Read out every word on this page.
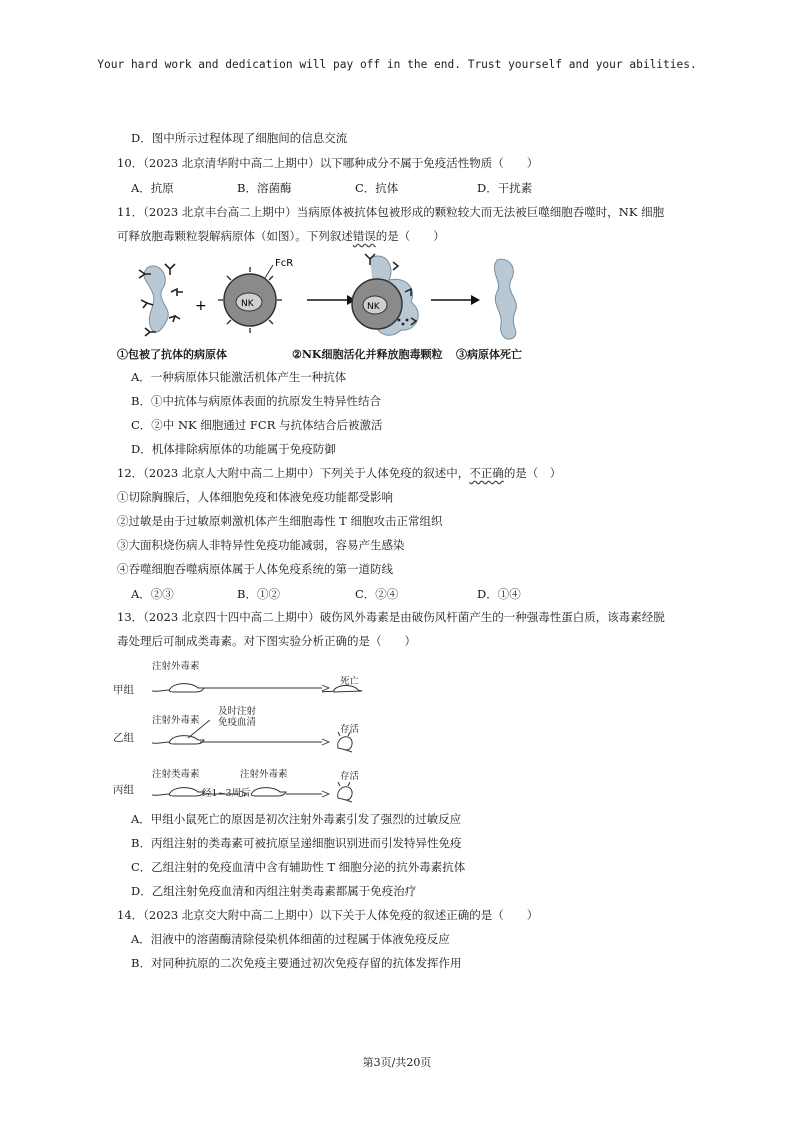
Your hard work and dedication will pay off in the end. Trust yourself and your abilities.
D．图中所示过程体现了细胞间的信息交流
10．（2023 北京清华附中高二上期中）以下哪种成分不属于免疫活性物质（　　）
A．抗原	B．溶菌酶	C．抗体	D．干扰素
11．（2023 北京丰台高二上期中）当病原体被抗体包被形成的颗粒较大而无法被巨噬细胞吞噬时，NK 细胞
可释放胞毒颗粒裂解病原体（如图）。下列叙述错误的是（　　）
+	NK
FcR
NK
①包被了抗体的病原体	②NK细胞活化并释放胞毒颗粒 ③病原体死亡
A．一种病原体只能激活机体产生一种抗体
B．①中抗体与病原体表面的抗原发生特异性结合
C．②中 NK 细胞通过 FCR 与抗体结合后被激活
D．机体排除病原体的功能属于免疫防御
12．（2023 北京人大附中高二上期中）下列关于人体免疫的叙述中，不正确的是（　）
①切除胸腺后，人体细胞免疫和体液免疫功能都受影响
②过敏是由于过敏原刺激机体产生细胞毒性 T 细胞攻击正常组织
③大面积烧伤病人非特异性免疫功能减弱，容易产生感染
④吞噬细胞吞噬病原体属于人体免疫系统的第一道防线
A．②③	B．①②	C．②④	D．①④
13．（2023 北京四十四中高二上期中）破伤风外毒素是由破伤风杆菌产生的一种强毒性蛋白质，该毒素经脱
毒处理后可制成类毒素。对下图实验分析正确的是（　　）
注射外毒素
甲组
死亡
及时注射
免疫血清
注射外毒素
乙组
存活
注射类毒素	注射外毒素	存活
丙组	经1~3周后
A．甲组小鼠死亡的原因是初次注射外毒素引发了强烈的过敏反应
B．丙组注射的类毒素可被抗原呈递细胞识别进而引发特异性免疫
C．乙组注射的免疫血清中含有辅助性 T 细胞分泌的抗外毒素抗体
D．乙组注射免疫血清和丙组注射类毒素都属于免疫治疗
14．（2023 北京交大附中高二上期中）以下关于人体免疫的叙述正确的是（　　）
A．泪液中的溶菌酶清除侵染机体细菌的过程属于体液免疫反应
B．对同种抗原的二次免疫主要通过初次免疫存留的抗体发挥作用
第3页/共20页
